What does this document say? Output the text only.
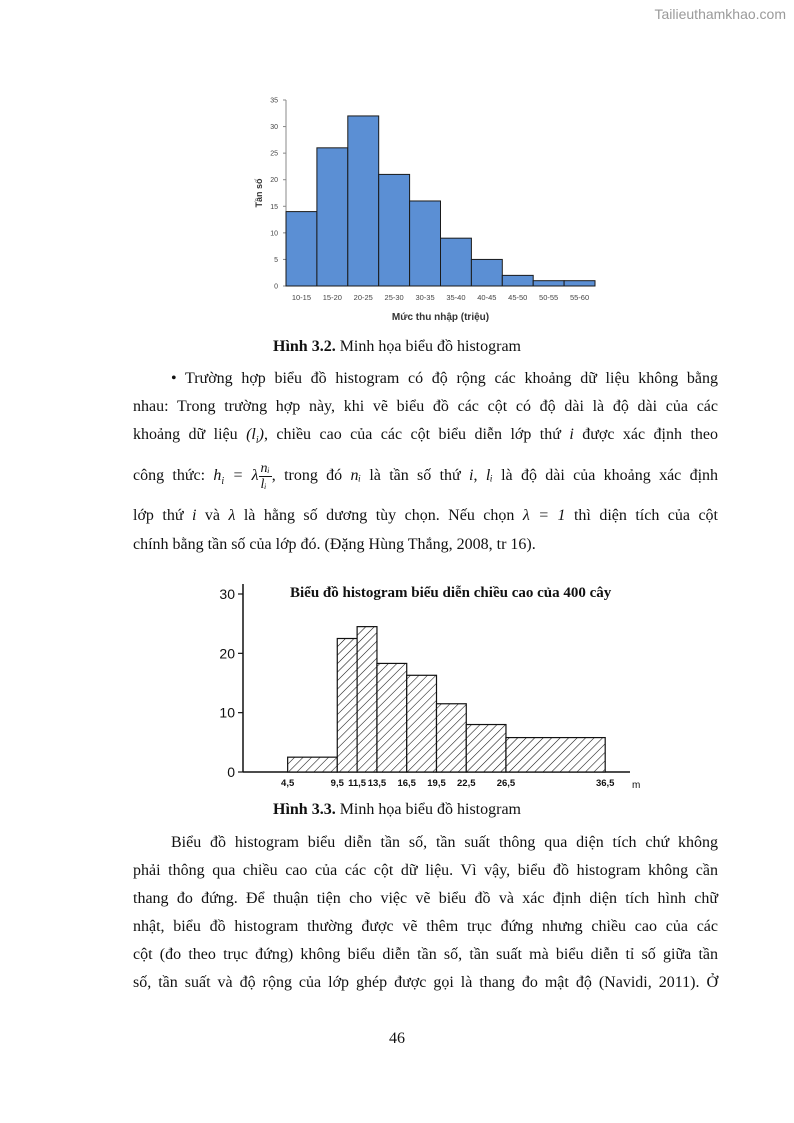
Tailieuthamkhao.com
Tần số
Mức thu nhập (triệu)
0
5
10
15
20
25
30
35
10-15 15-20 20-25 25-30 30-35 35-40 40-45 45-50 50-55 55-60
Hình 3.2. Minh họa biểu đồ histogram
• Trường hợp biểu đồ histogram có độ rộng các khoảng dữ liệu không bằng
nhau: Trong trường hợp này, khi vẽ biểu đồ các cột có độ dài là độ dài của các
khoảng dữ liệu $(l_i)$, chiều cao của các cột biểu diễn lớp thứ i được xác định theo
công thức: $h_i = \lambda \frac{\text{nᵢ}}{\text{lᵢ}}$ , trong đó nᵢ là tần số thứ i, lᵢ là độ dài của khoảng xác định
lớp thứ i và λ là hằng số dương tùy chọn. Nếu chọn λ = 1 thì diện tích của cột
chính bằng tần số của lớp đó. (Đặng Hùng Thắng, 2008, tr 16).
Biểu đồ histogram biểu diễn chiều cao của 400 cây
m
0
10
20
30
4,5	9,5 11,5 13,5 16,5 19,5 22,5 26,5	36,5
Hình 3.3. Minh họa biểu đồ histogram
Biểu đồ histogram biểu diễn tần số, tần suất thông qua diện tích chứ không
phải thông qua chiều cao của các cột dữ liệu. Vì vậy, biểu đồ histogram không cần
thang đo đứng. Để thuận tiện cho việc vẽ biểu đồ và xác định diện tích hình chữ
nhật, biểu đồ histogram thường được vẽ thêm trục đứng nhưng chiều cao của các
cột (đo theo trục đứng) không biểu diễn tần số, tần suất mà biểu diễn tỉ số giữa tần
số, tần suất và độ rộng của lớp ghép được gọi là thang đo mật độ (Navidi, 2011). Ở
46
